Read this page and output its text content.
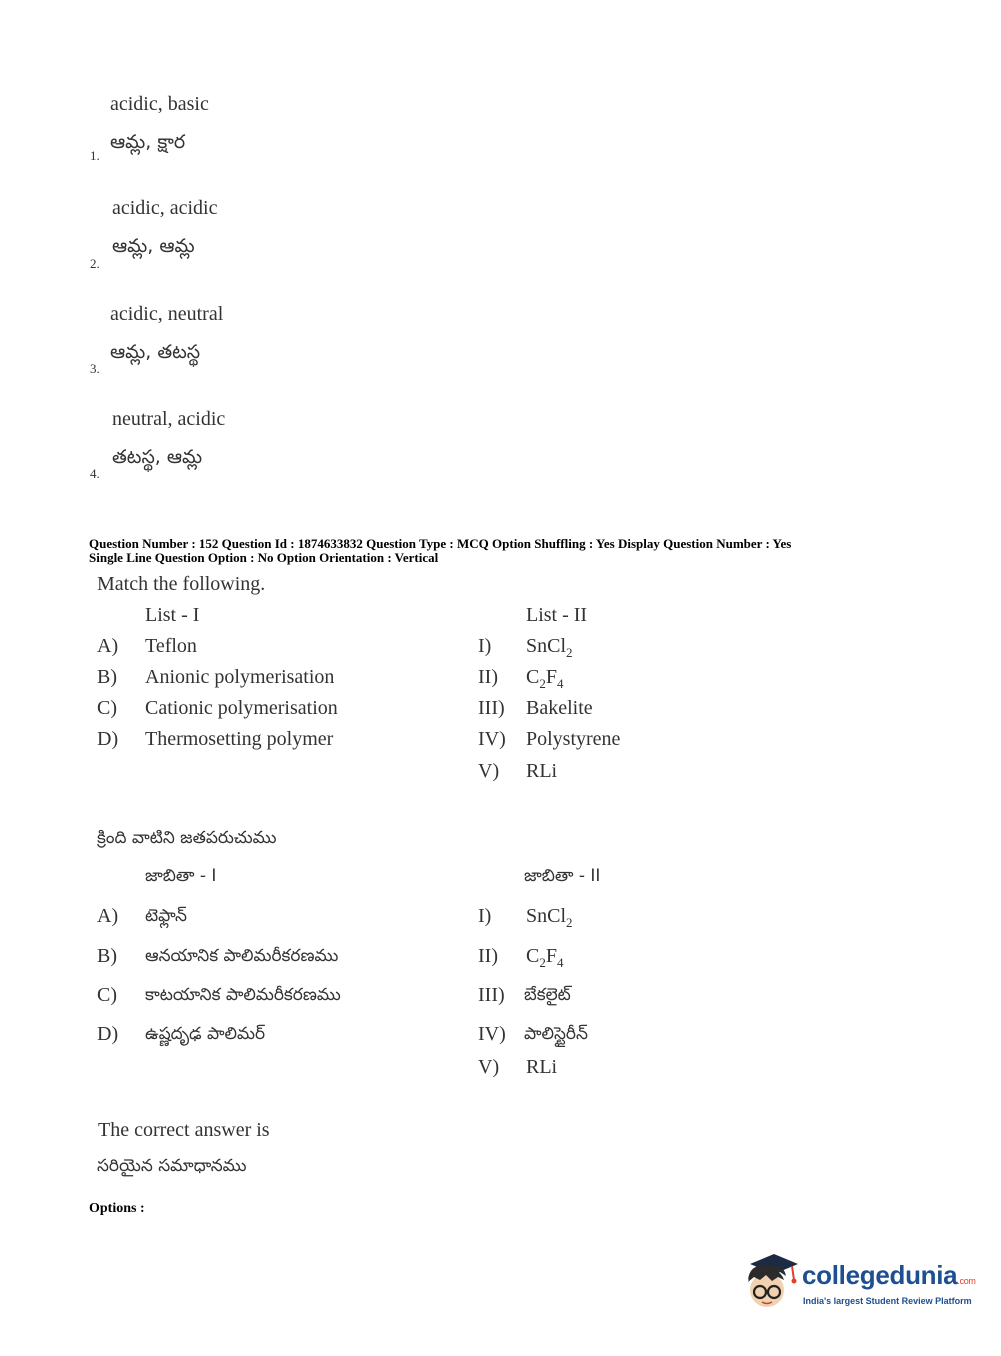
acidic, basic
ఆమ్ల, క్షార
1.
acidic, acidic
ఆమ్ల, ఆమ్ల
2.
acidic, neutral
ఆమ్ల, తటస్థ
3.
neutral, acidic
తటస్థ, ఆమ్ల
4.
Question Number : 152 Question Id : 1874633832 Question Type : MCQ Option Shuffling : Yes Display Question Number : Yes
Single Line Question Option : No Option Orientation : Vertical
Match the following.
List - I	List - II
A) Teflon
B) Anionic polymerisation
C) Cationic polymerisation
D) Thermosetting polymer
I) SnCl$_2$
II) $C_2F_4$
III) Bakelite
IV) Polystyrene
V) RLi
క్రింది వాటిని జతపరుచుము
జాబితా - I	జాబితా - II
A) టెఫ్లాన్
B) ఆనయానిక పాలిమరీకరణము
C) కాటయానిక పాలిమరీకరణము
D) ఉష్ణదృఢ పాలిమర్
I) SnCl$_2$
II) $C_2F_4$
III) బేకలైట్
IV) పాలిస్టైరీన్
V) RLi
The correct answer is
సరియైన సమాధానము
Options :
collegedunia.com
India's largest Student Review Platform
